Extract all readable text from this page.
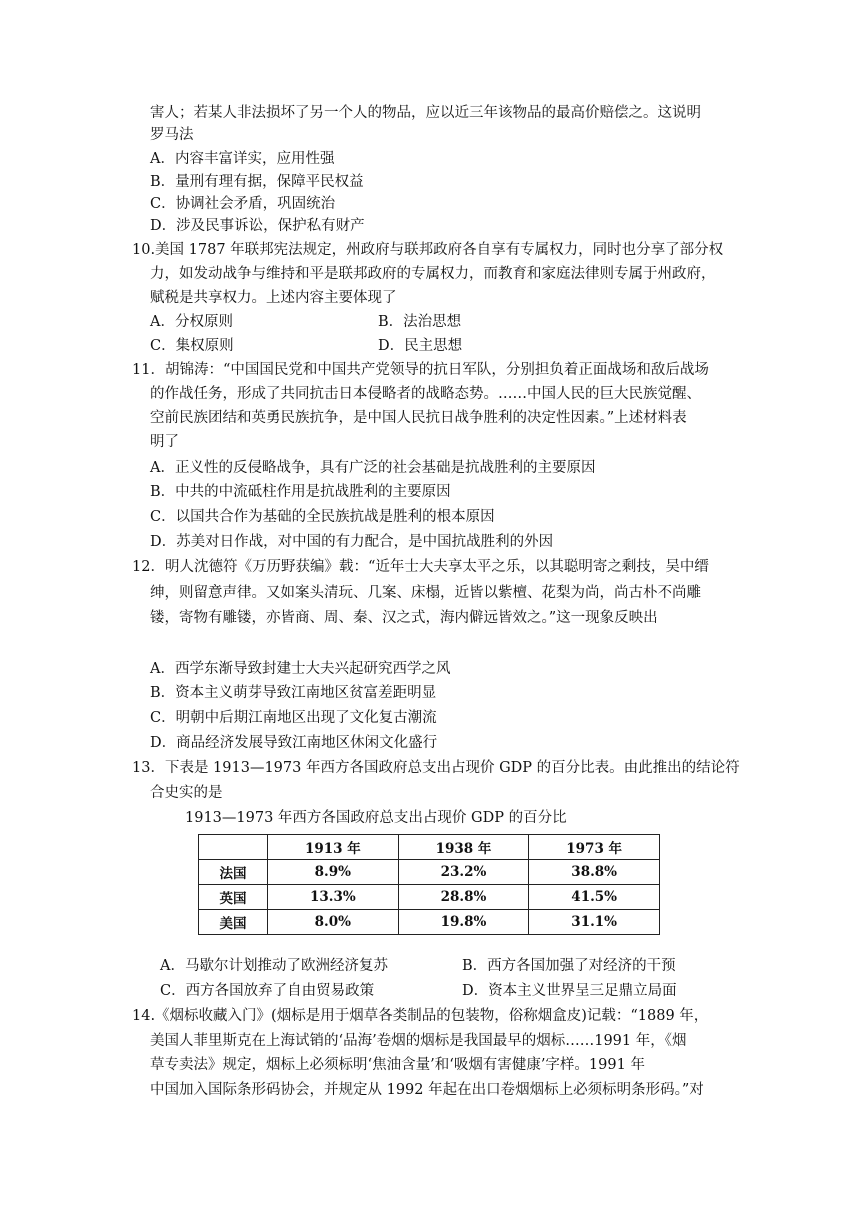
害人；若某人非法损坏了另一个人的物品，应以近三年该物品的最高价赔偿之。这说明
罗马法
A．内容丰富详实，应用性强
B．量刑有理有据，保障平民权益
C．协调社会矛盾，巩固统治
D．涉及民事诉讼，保护私有财产
10.美国 1787 年联邦宪法规定，州政府与联邦政府各自享有专属权力，同时也分享了部分权
力，如发动战争与维持和平是联邦政府的专属权力，而教育和家庭法律则专属于州政府，
赋税是共享权力。上述内容主要体现了
A．分权原则	B．法治思想
C．集权原则	D．民主思想
11．胡锦涛：“中国国民党和中国共产党领导的抗日军队，分别担负着正面战场和敌后战场
的作战任务，形成了共同抗击日本侵略者的战略态势。……中国人民的巨大民族觉醒、
空前民族团结和英勇民族抗争，是中国人民抗日战争胜利的决定性因素。”上述材料表
明了
A．正义性的反侵略战争，具有广泛的社会基础是抗战胜利的主要原因
B．中共的中流砥柱作用是抗战胜利的主要原因
C．以国共合作为基础的全民族抗战是胜利的根本原因
D．苏美对日作战，对中国的有力配合，是中国抗战胜利的外因
12．明人沈德符《万历野获编》载：“近年士大夫享太平之乐，以其聪明寄之剩技，吴中缙
绅，则留意声律。又如案头清玩、几案、床榻，近皆以紫檀、花梨为尚，尚古朴不尚雕
镂，寄物有雕镂，亦皆商、周、秦、汉之式，海内僻远皆效之。”这一现象反映出
A．西学东渐导致封建士大夫兴起研究西学之风
B．资本主义萌芽导致江南地区贫富差距明显
C．明朝中后期江南地区出现了文化复古潮流
D．商品经济发展导致江南地区休闲文化盛行
13．下表是 1913—1973 年西方各国政府总支出占现价 GDP 的百分比表。由此推出的结论符
合史实的是
1913—1973 年西方各国政府总支出占现价 GDP 的百分比
	1913 年	1938 年	1973 年
法国	8.9%	23.2%	38.8%
英国	13.3%	28.8%	41.5%
美国	8.0%	19.8%	31.1%
A．马歇尔计划推动了欧洲经济复苏	B．西方各国加强了对经济的干预
C．西方各国放弃了自由贸易政策	D．资本主义世界呈三足鼎立局面
14.《烟标收藏入门》(烟标是用于烟草各类制品的包装物，俗称烟盒皮)记载：“1889 年，
美国人菲里斯克在上海试销的‘品海’卷烟的烟标是我国最早的烟标……1991 年，《烟
草专卖法》规定，烟标上必须标明‘焦油含量’和‘吸烟有害健康’字样。1991 年
中国加入国际条形码协会，并规定从 1992 年起在出口卷烟烟标上必须标明条形码。”对
